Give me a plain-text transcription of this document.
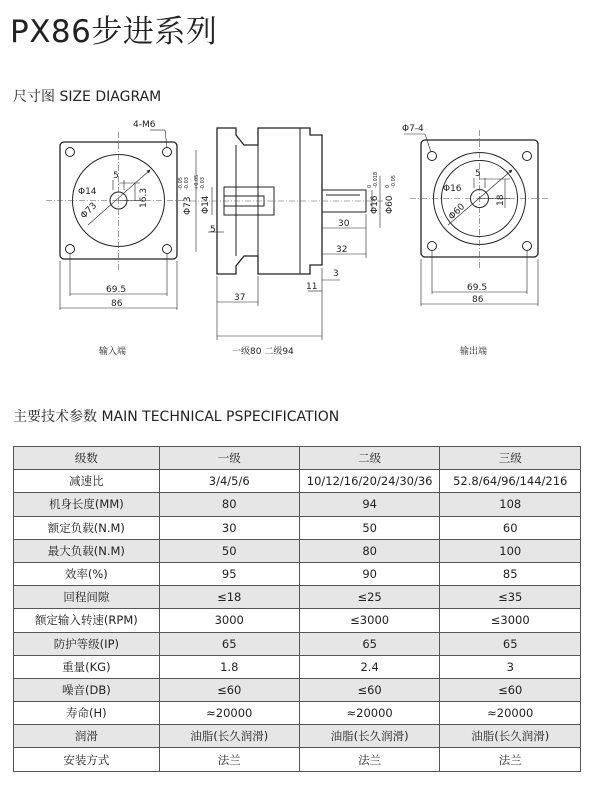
PX86步进系列
尺寸图 SIZE DIAGRAM
4-M6
Φ14
Φ73
5
16.3
69.5
86
输入端
Φ73
-0.05 -0.03
Φ14
+0.05 -0.03
Φ16
0 -0.018
Φ60
0 -0.05
5
30
32
3
11
37
一级80 二级94
Φ7-4
Φ16
Φ60
5
18
69.5
86
输出端
主要技术参数 MAIN TECHNICAL PSPECIFICATION
级数	一级	二级	三级
减速比	3/4/5/6	10/12/16/20/24/30/36	52.8/64/96/144/216
机身长度(MM)	80	94	108
额定负载(N.M)	30	50	60
最大负载(N.M)	50	80	100
效率(%)	95	90	85
回程间隙	≤18	≤25	≤35
额定输入转速(RPM)	3000	≤3000	≤3000
防护等级(IP)	65	65	65
重量(KG)	1.8	2.4	3
噪音(DB)	≤60	≤60	≤60
寿命(H)	≈20000	≈20000	≈20000
润滑	油脂(长久润滑)	油脂(长久润滑)	油脂(长久润滑)
安装方式	法兰	法兰	法兰
